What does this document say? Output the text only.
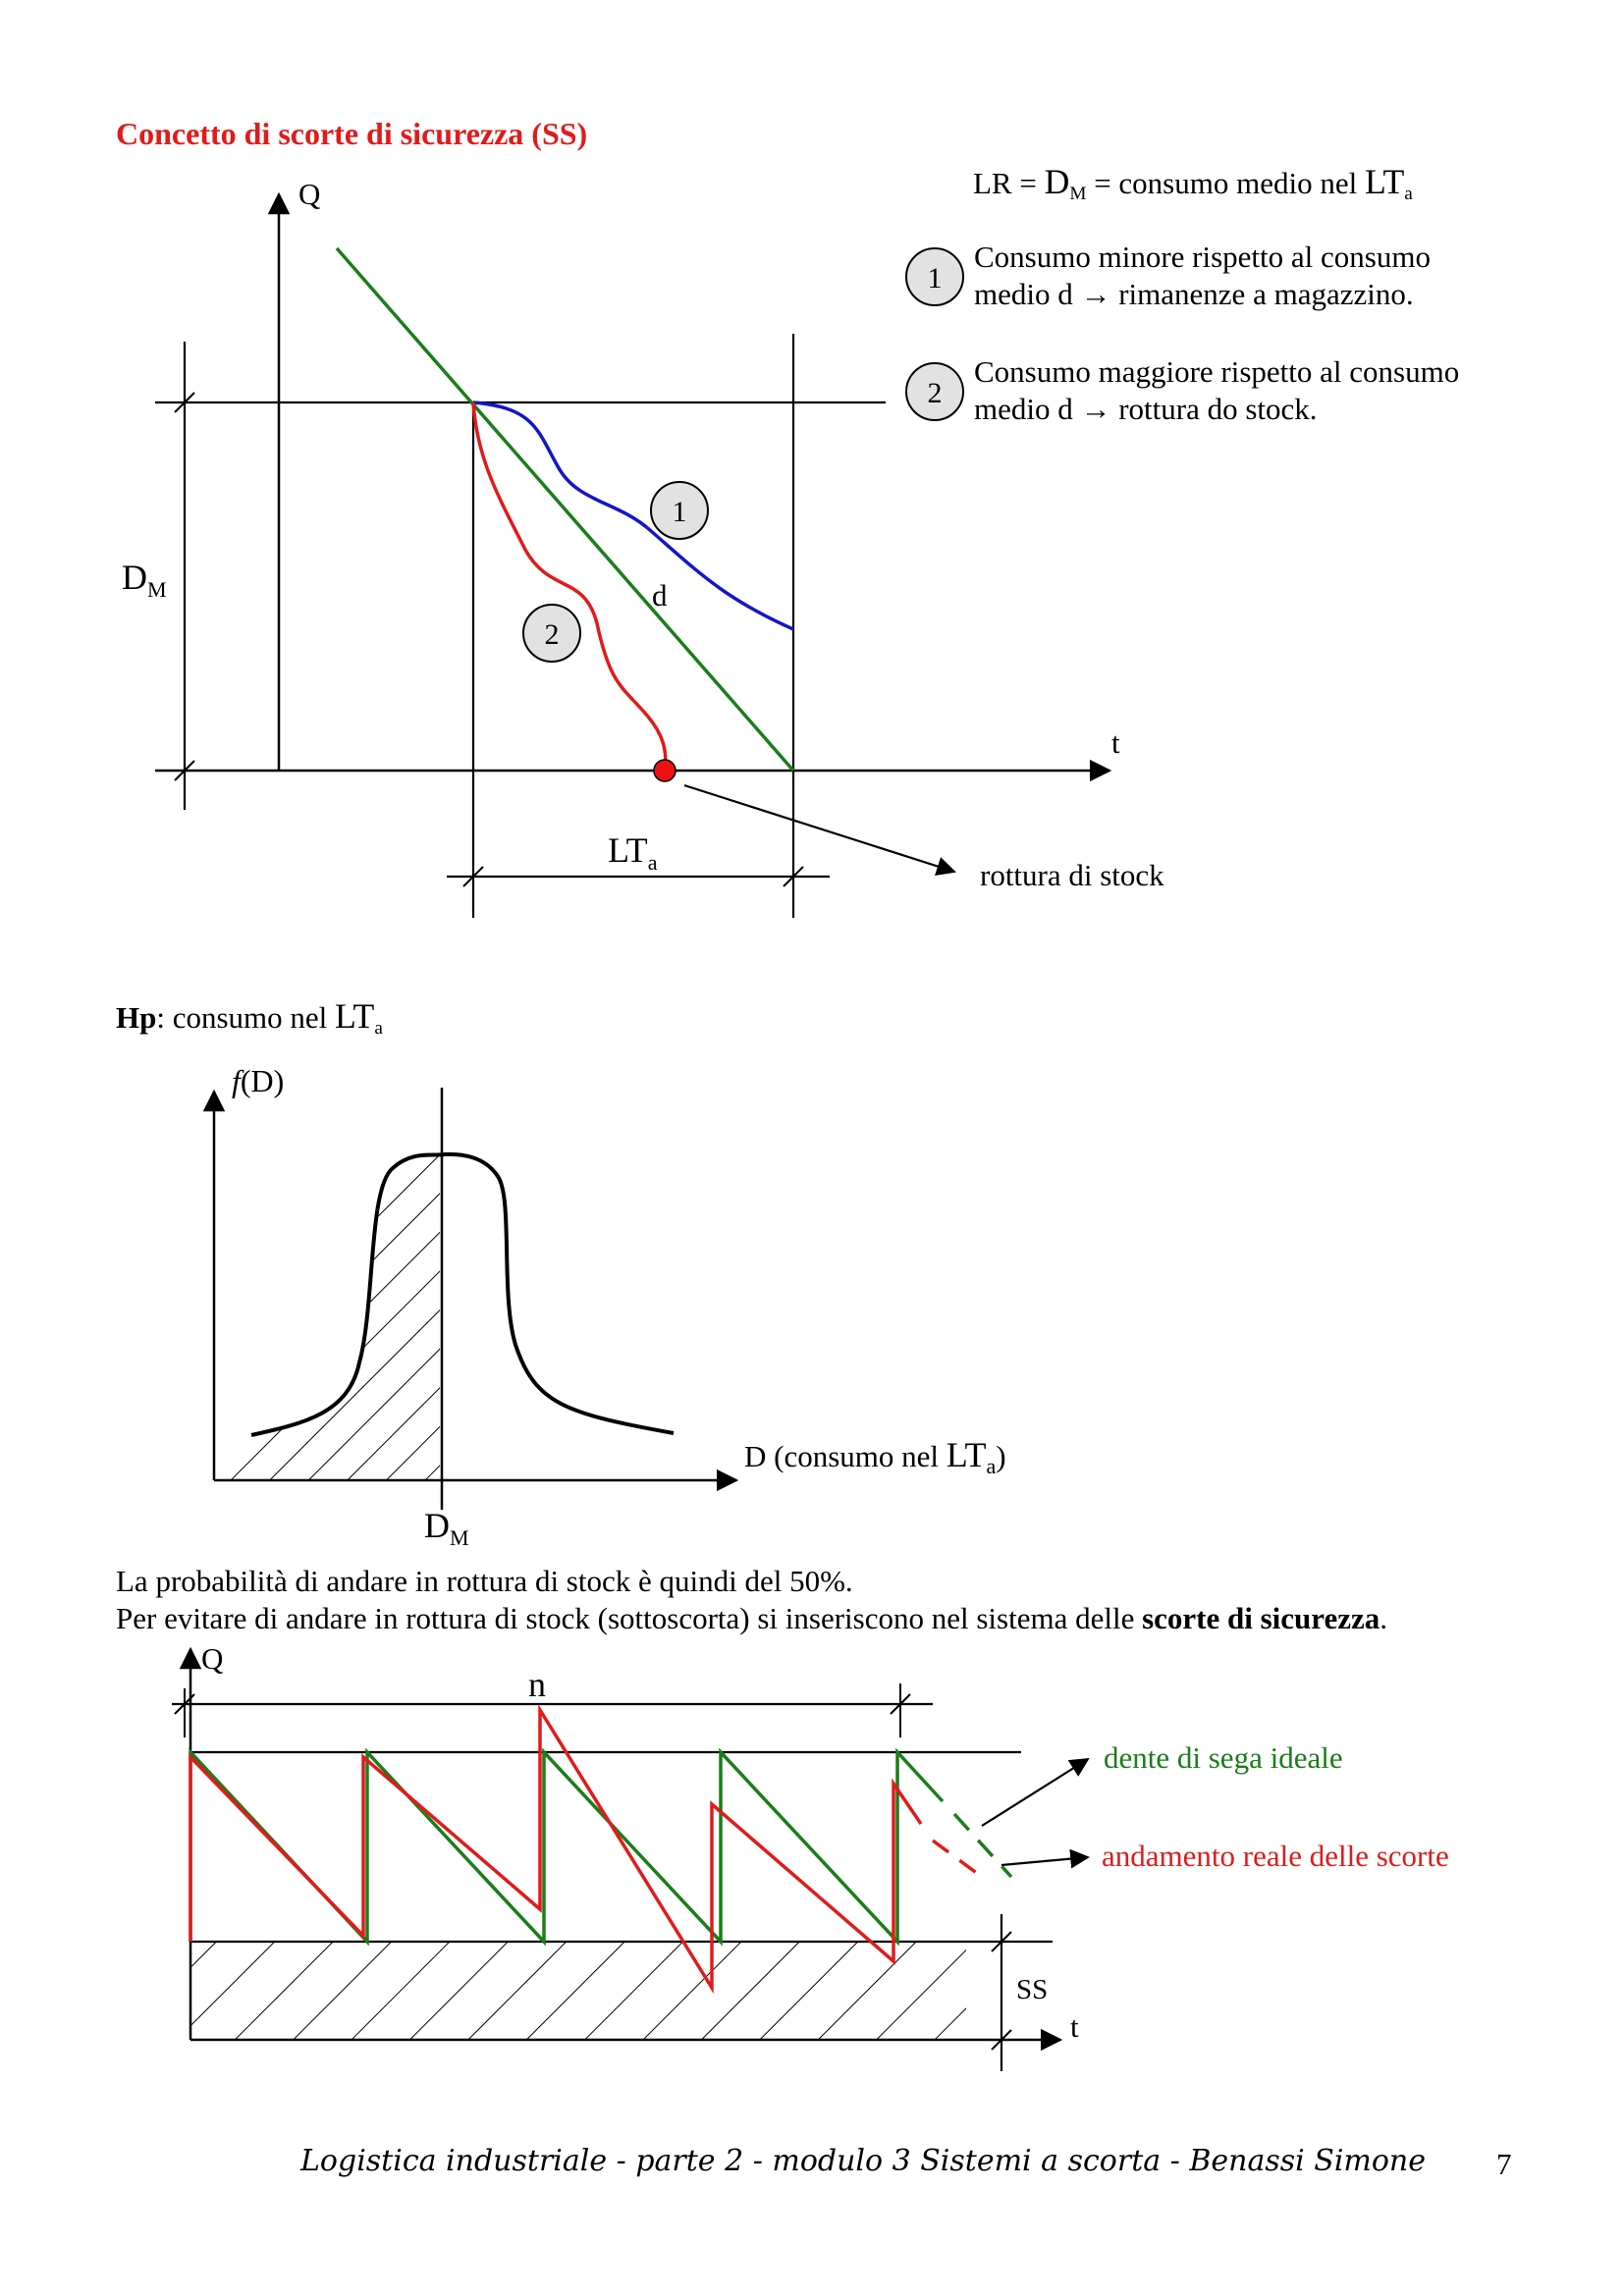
Concetto di scorte di sicurezza (SS)
1
2
1
2
Q
t
d
$D_M$
$LT_a$
LR = $D_M$ = consumo medio nel $LT_a$
Consumo minore rispetto al consumo
medio d → rimanenze a magazzino.
Consumo maggiore rispetto al consumo
medio d → rottura do stock.
rottura di stock
Hp: consumo nel $LT_a$
f(D)
D (consumo nel $LT_a$)
$D_M$
La probabilità di andare in rottura di stock è quindi del 50%.
Per evitare di andare in rottura di stock (sottoscorta) si inseriscono nel sistema delle scorte di sicurezza.
Q
t
n
SS
dente di sega ideale
andamento reale delle scorte
Logistica industriale - parte 2 - modulo 3 Sistemi a scorta - Benassi Simone 7
